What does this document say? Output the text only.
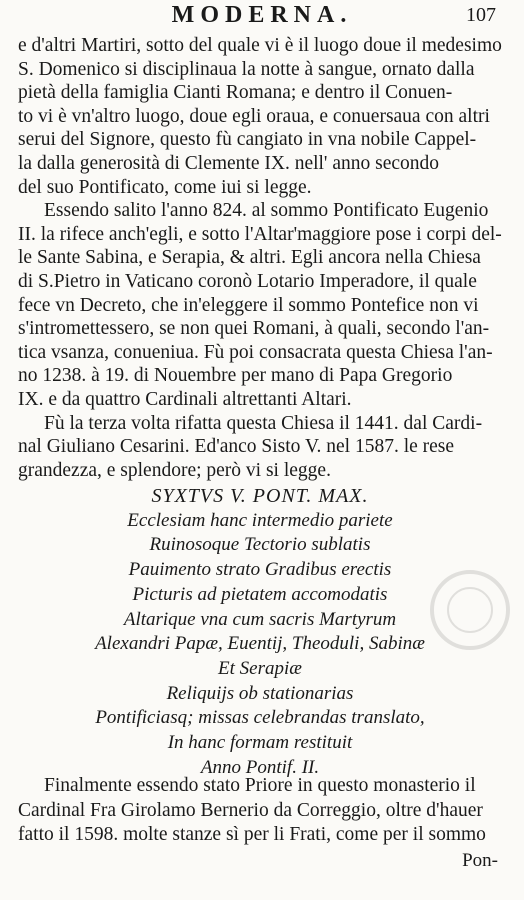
MODERNA.	107
e d'altri Martiri, sotto del quale vi è il luogo doue il medesimo
S. Domenico si disciplinaua la notte à sangue, ornato dalla
pietà della famiglia Cianti Romana; e dentro il Conuen-
to vi è vn'altro luogo, doue egli oraua, e conuersaua con altri
serui del Signore, questo fù cangiato in vna nobile Cappel-
la dalla generosità di Clemente IX. nell' anno secondo
del suo Pontificato, come iui si legge.
Essendo salito l'anno 824. al sommo Pontificato Eugenio
II. la rifece anch'egli, e sotto l'Altar'maggiore pose i corpi del-
le Sante Sabina, e Serapia, & altri. Egli ancora nella Chiesa
di S.Pietro in Vaticano coronò Lotario Imperadore, il quale
fece vn Decreto, che in'eleggere il sommo Pontefice non vi
s'intromettessero, se non quei Romani, à quali, secondo l'an-
tica vsanza, conueniua. Fù poi consacrata questa Chiesa l'an-
no 1238. à 19. di Nouembre per mano di Papa Gregorio
IX. e da quattro Cardinali altrettanti Altari.
Fù la terza volta rifatta questa Chiesa il 1441. dal Cardi-
nal Giuliano Cesarini. Ed'anco Sisto V. nel 1587. le rese
grandezza, e splendore; però vi si legge.
SYXTVS V. PONT. MAX.
Ecclesiam hanc intermedio pariete
Ruinosoque Tectorio sublatis
Pauimento strato Gradibus erectis
Picturis ad pietatem accomodatis
Altarique vna cum sacris Martyrum
Alexandri Papæ, Euentij, Theoduli, Sabinæ
Et Serapiæ
Reliquijs ob stationarias
Pontificiasq; missas celebrandas translato,
In hanc formam restituit
Anno Pontif. II.
Finalmente essendo stato Priore in questo monasterio il
Cardinal Fra Girolamo Bernerio da Correggio, oltre d'hauer
fatto il 1598. molte stanze sì per li Frati, come per il sommo
Pon-
